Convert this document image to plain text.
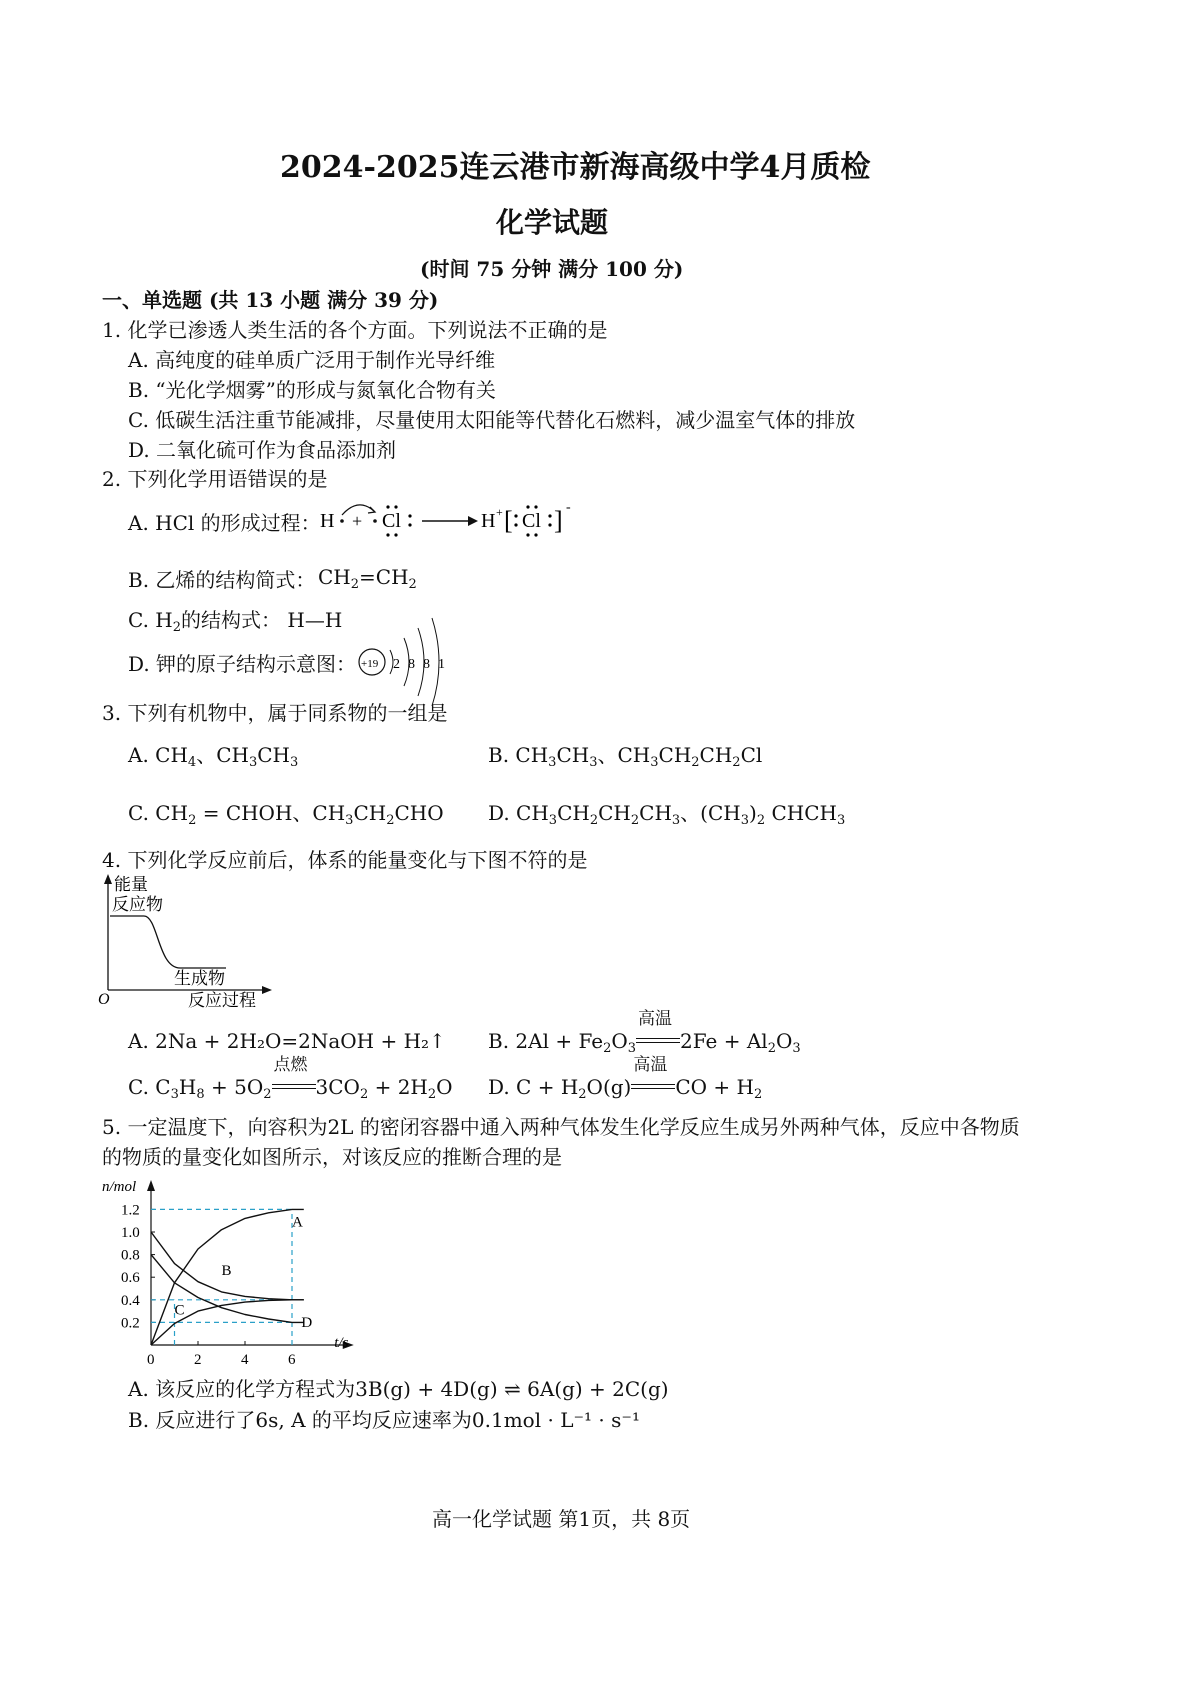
2024-2025连云港市新海高级中学4月质检
化学试题
(时间 75 分钟 满分 100 分)
一、单选题 (共 13 小题 满分 39 分)
1. 化学已渗透人类生活的各个方面。下列说法不正确的是
A. 高纯度的硅单质广泛用于制作光导纤维
B. “光化学烟雾”的形成与氮氧化合物有关
C. 低碳生活注重节能减排，尽量使用太阳能等代替化石燃料，减少温室气体的排放
D. 二氧化硫可作为食品添加剂
2. 下列化学用语错误的是
A. HCl 的形成过程： H + Cl	H + [ Cl ] -
B. 乙烯的结构简式： $CH_2=CH_2$
C. $H_2$的结构式： H—H
D. 钾的原子结构示意图： +19 2 8 8 1
3. 下列有机物中，属于同系物的一组是
A. $CH_4$、$CH_3CH_3$	B. $CH_3CH_3$、$CH_3CH_2CH_2Cl$
C. $CH_2$ = CHOH、$CH_3CH_2CHO$ D. $CH_3CH_2CH_2CH_3$、$(CH_3)_2$ $CHCH_3$
4. 下列化学反应前后，体系的能量变化与下图不符的是
能量
反应物
生成物
O	反应过程
A. 2Na + 2H₂O=2NaOH + H₂↑ B. $2Al + Fe_2O_3$
高温
$2Fe + Al_2O_3$
C. $C_3H_8 + 5O_2$
点燃
$3CO_2 + 2H_2O$ D. $C + H_2O(g)$
高温
CO + $H_2$
5. 一定温度下，向容积为2L 的密闭容器中通入两种气体发生化学反应生成另外两种气体，反应中各物质
的物质的量变化如图所示，对该反应的推断合理的是
n/mol
t/s
0.2
0.4
0.6
0.8
1.0
1.2
0	2	4	6
A
B
C
D
A. 该反应的化学方程式为3B(g) + 4D(g) ⇌ 6A(g) + 2C(g)
B. 反应进行了6s, A 的平均反应速率为0.1mol · L⁻¹ · s⁻¹
高一化学试题 第1页，共 8页
